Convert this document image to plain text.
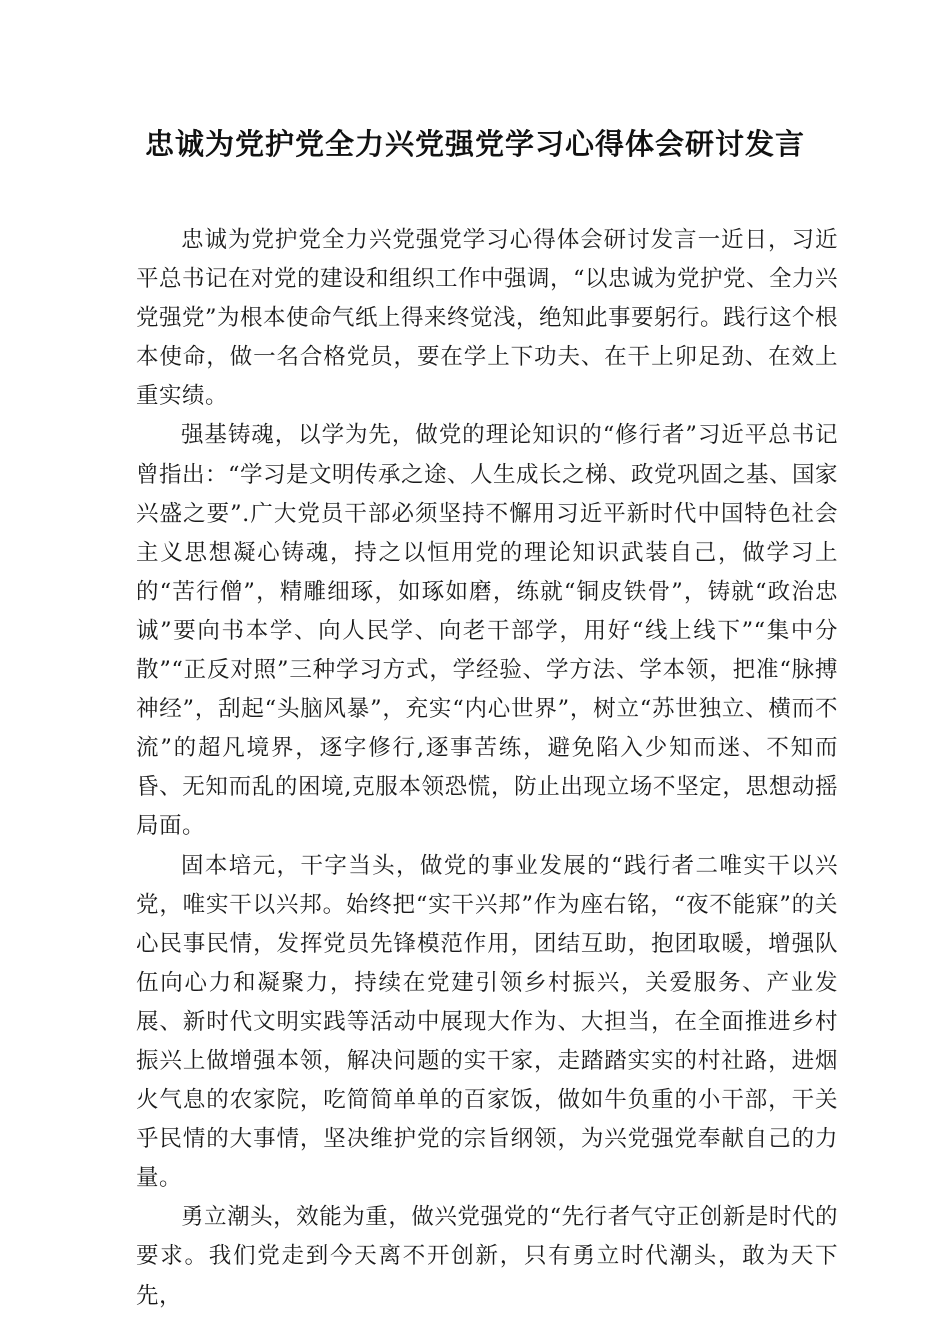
忠诚为党护党全力兴党强党学习心得体会研讨发言

忠诚为党护党全力兴党强党学习心得体会研讨发言一近日，习近平总书记在对党的建设和组织工作中强调，“以忠诚为党护党、全力兴党强党”为根本使命气纸上得来终觉浅，绝知此事要躬行。践行这个根本使命，做一名合格党员，要在学上下功夫、在干上卯足劲、在效上重实绩。

强基铸魂，以学为先，做党的理论知识的“修行者”习近平总书记曾指出：“学习是文明传承之途、人生成长之梯、政党巩固之基、国家兴盛之要”.广大党员干部必须坚持不懈用习近平新时代中国特色社会主义思想凝心铸魂，持之以恒用党的理论知识武装自己，做学习上的“苦行僧”，精雕细琢，如琢如磨，练就“铜皮铁骨”，铸就“政治忠诚”要向书本学、向人民学、向老干部学，用好“线上线下”“集中分散”“正反对照”三种学习方式，学经验、学方法、学本领，把准“脉搏神经”，刮起“头脑风暴”，充实“内心世界”，树立“苏世独立、横而不流”的超凡境界，逐字修行,逐事苦练，避免陷入少知而迷、不知而昏、无知而乱的困境,克服本领恐慌，防止出现立场不坚定，思想动摇局面。

固本培元，干字当头，做党的事业发展的“践行者二唯实干以兴党，唯实干以兴邦。始终把“实干兴邦”作为座右铭，“夜不能寐”的关心民事民情，发挥党员先锋模范作用，团结互助，抱团取暖，增强队伍向心力和凝聚力，持续在党建引领乡村振兴，关爱服务、产业发展、新时代文明实践等活动中展现大作为、大担当，在全面推进乡村振兴上做增强本领，解决问题的实干家，走踏踏实实的村社路，进烟火气息的农家院，吃简简单单的百家饭，做如牛负重的小干部，干关乎民情的大事情，坚决维护党的宗旨纲领，为兴党强党奉献自己的力量。

勇立潮头，效能为重，做兴党强党的“先行者气守正创新是时代的要求。我们党走到今天离不开创新，只有勇立时代潮头，敢为天下先，
